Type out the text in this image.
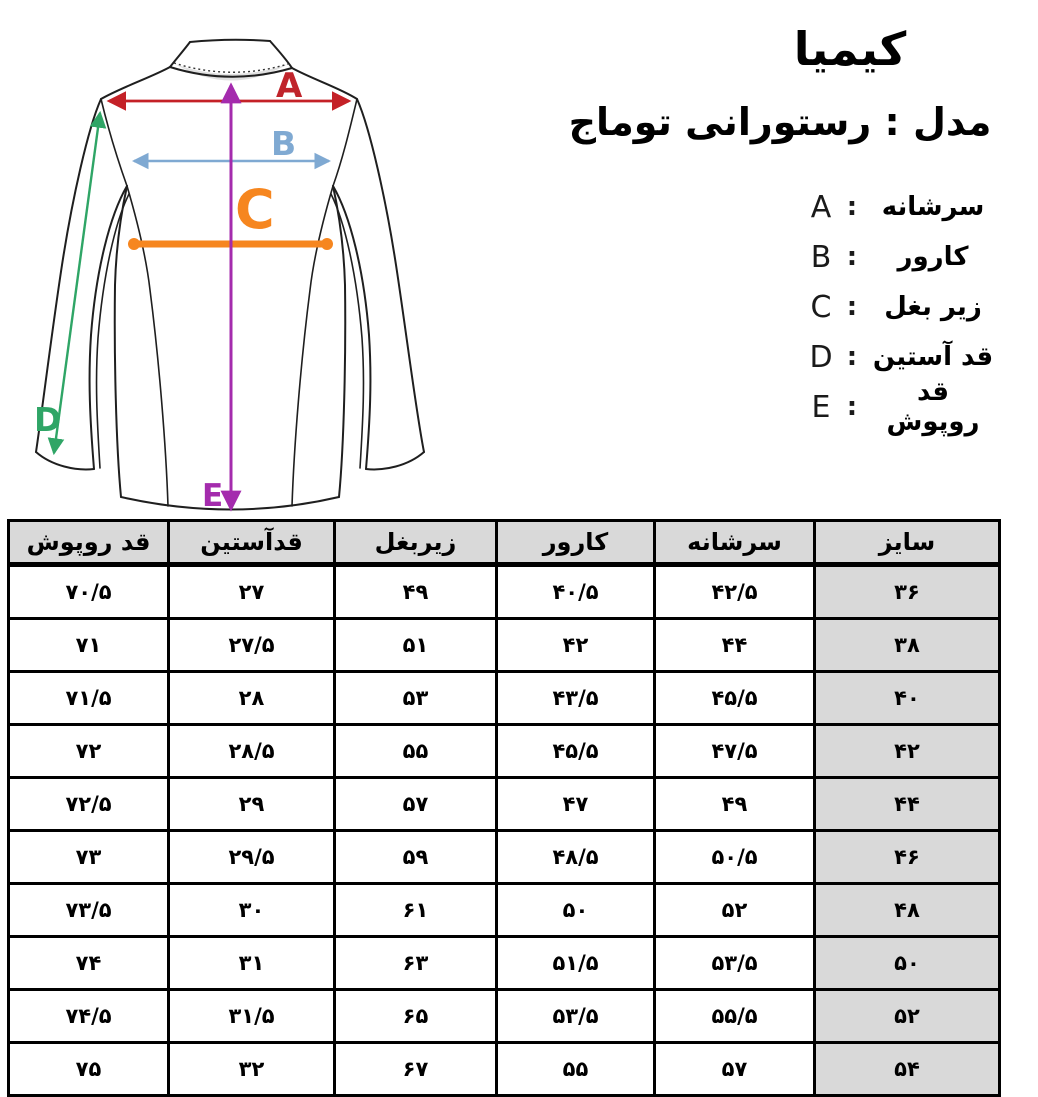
A
B
C
D
E
کیمیا
مدل : رستورانی توماج
A : سرشانه
B :	کارور
C :	زیر بغل
D : قد آستین
E :	قد روپوش
سایز	سرشانه	کارور	زیربغل	قدآستین	قد روپوش
۳۶	۴۲/۵	۴۰/۵	۴۹	۲۷	۷۰/۵
۳۸	۴۴	۴۲	۵۱	۲۷/۵	۷۱
۴۰	۴۵/۵	۴۳/۵	۵۳	۲۸	۷۱/۵
۴۲	۴۷/۵	۴۵/۵	۵۵	۲۸/۵	۷۲
۴۴	۴۹	۴۷	۵۷	۲۹	۷۲/۵
۴۶	۵۰/۵	۴۸/۵	۵۹	۲۹/۵	۷۳
۴۸	۵۲	۵۰	۶۱	۳۰	۷۳/۵
۵۰	۵۳/۵	۵۱/۵	۶۳	۳۱	۷۴
۵۲	۵۵/۵	۵۳/۵	۶۵	۳۱/۵	۷۴/۵
۵۴	۵۷	۵۵	۶۷	۳۲	۷۵
